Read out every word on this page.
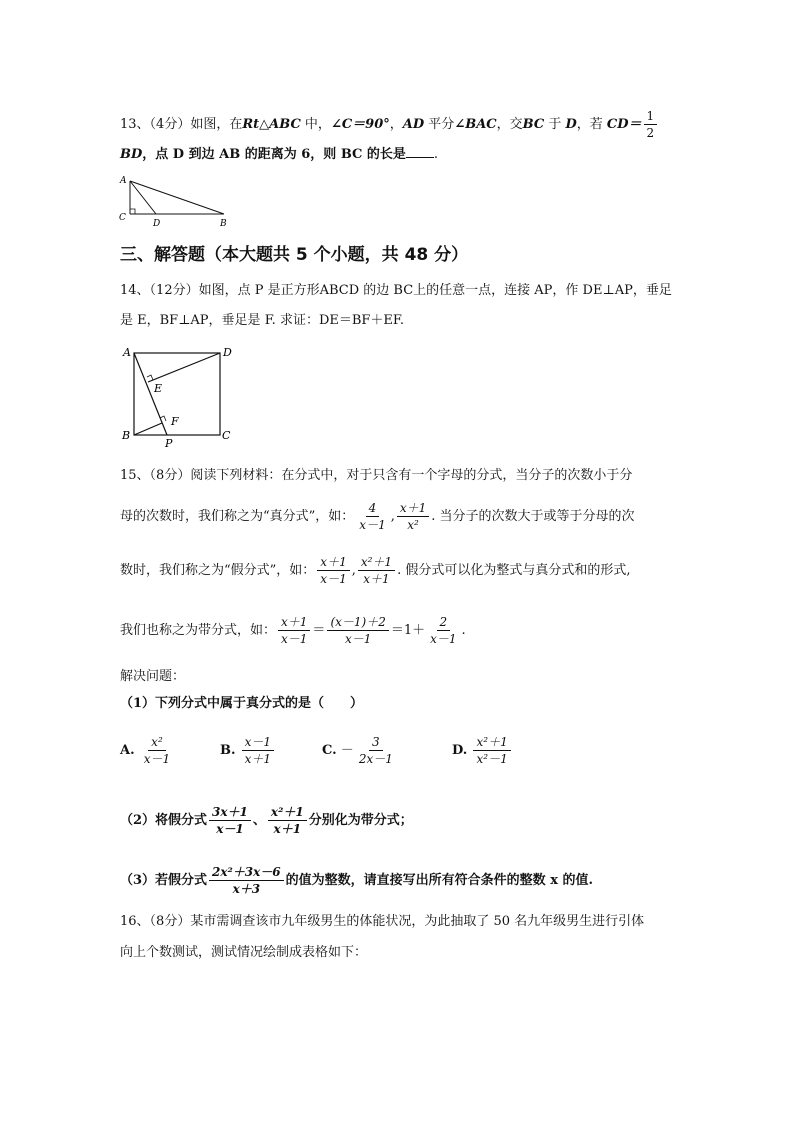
13、（4分）如图，在Rt△ABC 中，∠C＝90°，AD 平分∠BAC，交BC 于 D，若 $CD= \frac{1}{2}$
BD，点 D 到边 AB 的距离为 6，则 BC 的长是 .
A
C
D	B
三、解答题（本大题共 5 个小题，共 48 分）
14、（12分）如图，点 P 是正方形ABCD 的边 BC上的任意一点，连接 AP，作 DE⊥AP，垂足
是 E，BF⊥AP，垂足是 F. 求证：DE＝BF＋EF.
A	D
E
F
B	C
P
15、（8分）阅读下列材料：在分式中，对于只含有一个字母的分式，当分子的次数小于分
母的次数时，我们称之为“真分式”，如： $\frac{4}{x-1}$ , $\frac{x+1}{\text{x²}}$ . 当分子的次数大于或等于分母的次
数时，我们称之为“假分式”，如： $\frac{x+1}{x-1}$ , $\frac{\text{x²＋1}}{x+1}$ . 假分式可以化为整式与真分式和的形式,
我们也称之为带分式，如： $\frac{x+1}{x-1} = \frac{(x-1)+2}{x-1} =1+ \frac{2}{x-1}$ .
解决问题：
（1）下列分式中属于真分式的是（　　）
A. $\frac{\text{x²}}{x-1}$	B. $\frac{x-1}{x+1}$	C. － $\frac{3}{2x-1}$	D. $\frac{\text{x²＋1}}{\text{x²－1}}$
（2）将假分式 $\frac{3x+1}{x-1}$ 、 $\frac{\text{x²＋1}}{x+1}$ 分别化为带分式；
（3）若假分式 $\frac{\text{2x²＋3x－6}}{x+3}$ 的值为整数，请直接写出所有符合条件的整数 x 的值.
16、（8分）某市需调查该市九年级男生的体能状况，为此抽取了 50 名九年级男生进行引体
向上个数测试，测试情况绘制成表格如下：
